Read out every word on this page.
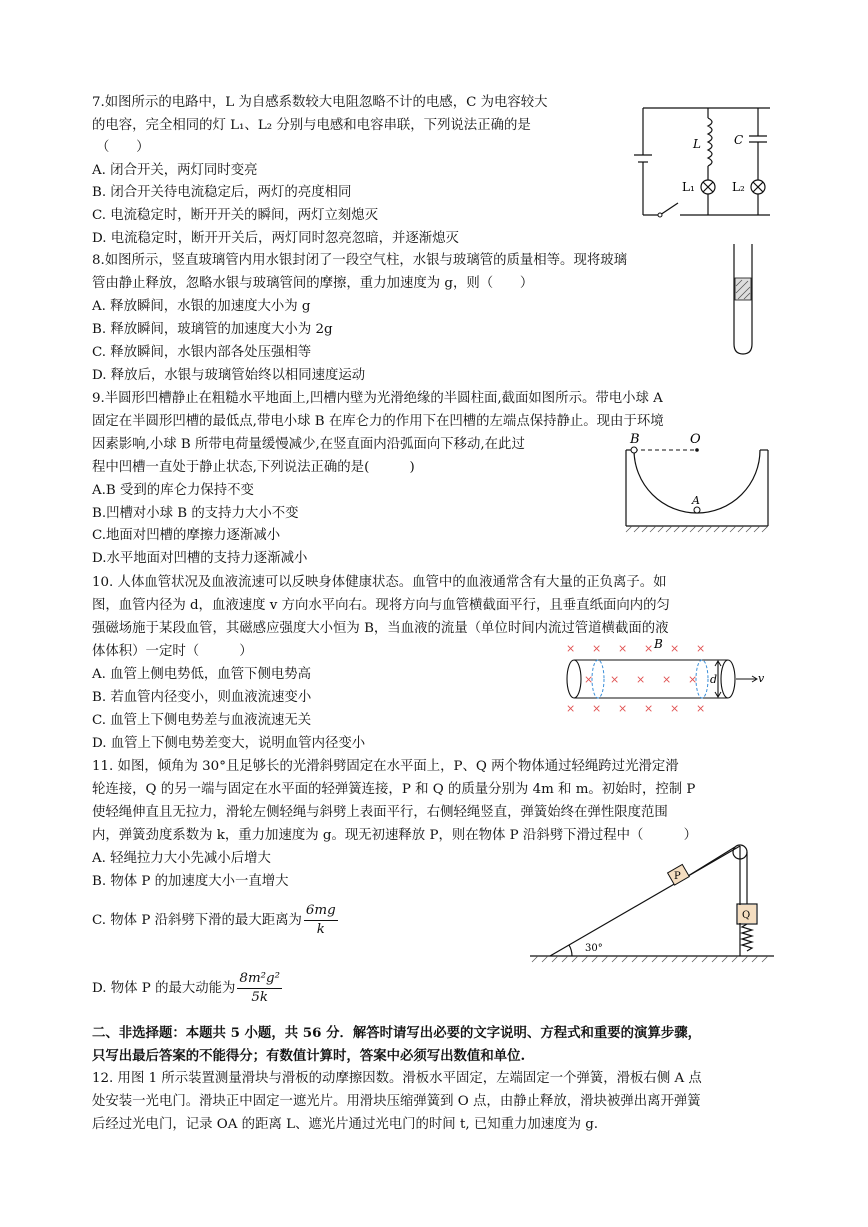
7.如图所示的电路中，L 为自感系数较大电阻忽略不计的电感，C 为电容较大
的电容，完全相同的灯 L₁、L₂ 分别与电感和电容串联，下列说法正确的是
（　　）
A. 闭合开关，两灯同时变亮
B. 闭合开关待电流稳定后，两灯的亮度相同
C. 电流稳定时，断开开关的瞬间，两灯立刻熄灭
D. 电流稳定时，断开开关后，两灯同时忽亮忽暗，并逐渐熄灭
L	C
L₁	L₂
8.如图所示，竖直玻璃管内用水银封闭了一段空气柱，水银与玻璃管的质量相等。现将玻璃
管由静止释放，忽略水银与玻璃管间的摩擦，重力加速度为 g，则（　　）
A. 释放瞬间，水银的加速度大小为 g
B. 释放瞬间，玻璃管的加速度大小为 2g
C. 释放瞬间，水银内部各处压强相等
D. 释放后，水银与玻璃管始终以相同速度运动
9.半圆形凹槽静止在粗糙水平地面上,凹槽内壁为光滑绝缘的半圆柱面,截面如图所示。带电小球 A
固定在半圆形凹槽的最低点,带电小球 B 在库仑力的作用下在凹槽的左端点保持静止。现由于环境
因素影响,小球 B 所带电荷量缓慢减少,在竖直面内沿弧面向下移动,在此过
程中凹槽一直处于静止状态,下列说法正确的是(　　　)
A.B 受到的库仑力保持不变
B.凹槽对小球 B 的支持力大小不变
C.地面对凹槽的摩擦力逐渐减小
D.水平地面对凹槽的支持力逐渐减小
B	O
A
10. 人体血管状况及血液流速可以反映身体健康状态。血管中的血液通常含有大量的正负离子。如
图，血管内径为 d，血液速度 v 方向水平向右。现将方向与血管横截面平行，且垂直纸面向内的匀
强磁场施于某段血管，其磁感应强度大小恒为 B，当血液的流量（单位时间内流过管道横截面的液
体体积）一定时（　　　）
A. 血管上侧电势低，血管下侧电势高
B. 若血管内径变小，则血液流速变小
C. 血管上下侧电势差与血液流速无关
D. 血管上下侧电势差变大，说明血管内径变小
× × × × × ×
× × × × ×
× × × × × ×
B
d	v
11. 如图，倾角为 30°且足够长的光滑斜劈固定在水平面上，P、Q 两个物体通过轻绳跨过光滑定滑
轮连接，Q 的另一端与固定在水平面的轻弹簧连接，P 和 Q 的质量分别为 4m 和 m。初始时，控制 P
使轻绳伸直且无拉力，滑轮左侧轻绳与斜劈上表面平行，右侧轻绳竖直，弹簧始终在弹性限度范围
内，弹簧劲度系数为 k，重力加速度为 g。现无初速释放 P，则在物体 P 沿斜劈下滑过程中（　　　）
A. 轻绳拉力大小先减小后增大
B. 物体 P 的加速度大小一直增大
C. 物体 P 沿斜劈下滑的最大距离为 $\frac{6mg}{k}$
D. 物体 P 的最大动能为 $\frac{\text{8m²g²}}{5k}$
P
Q
30°
二、非选择题：本题共 5 小题，共 56 分．解答时请写出必要的文字说明、方程式和重要的演算步骤，
只写出最后答案的不能得分；有数值计算时，答案中必须写出数值和单位.
12. 用图 1 所示装置测量滑块与滑板的动摩擦因数。滑板水平固定，左端固定一个弹簧，滑板右侧 A 点
处安装一光电门。滑块正中固定一遮光片。用滑块压缩弹簧到 O 点，由静止释放，滑块被弹出离开弹簧
后经过光电门，记录 OA 的距离 L、遮光片通过光电门的时间 t, 已知重力加速度为 g.
